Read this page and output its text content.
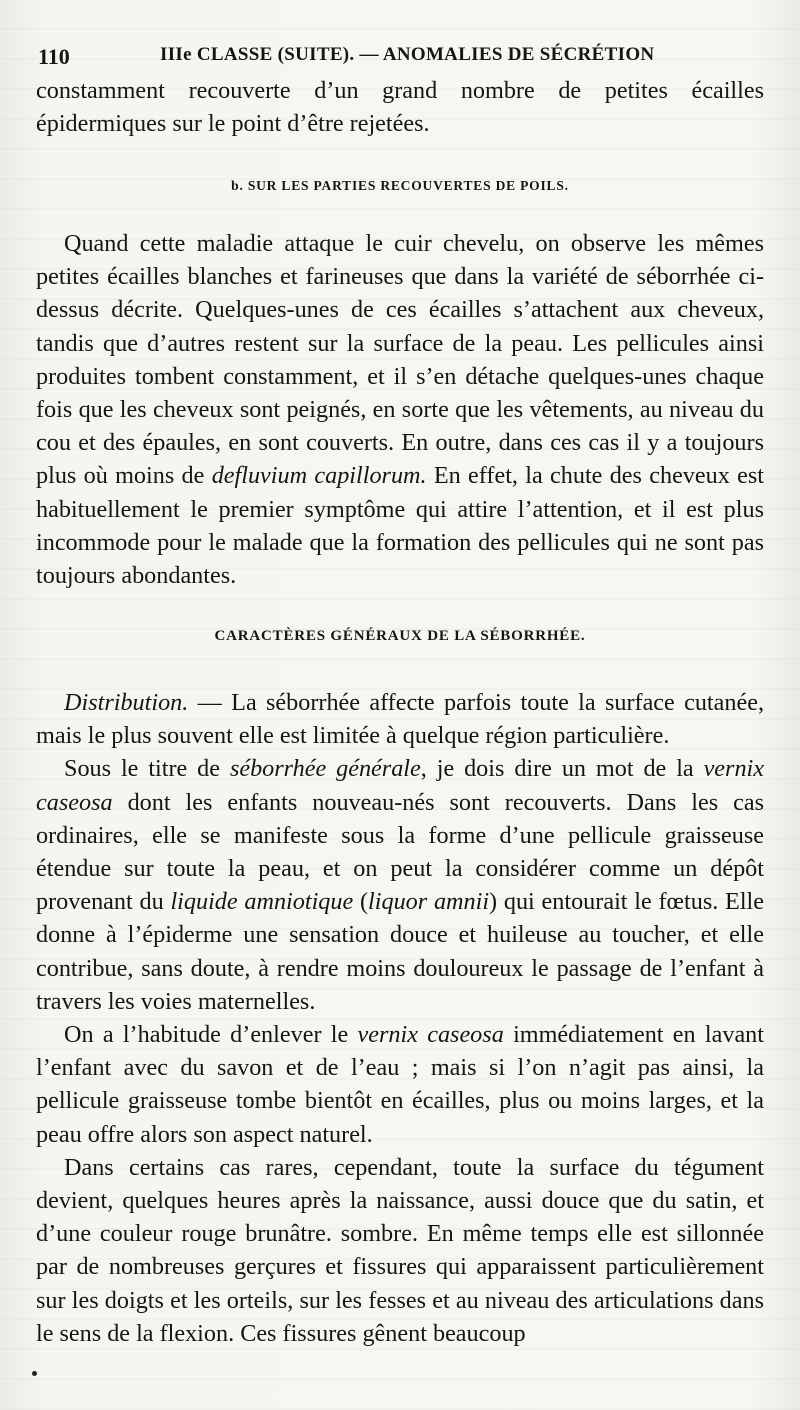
110	IIIe CLASSE (SUITE). — ANOMALIES DE SÉCRÉTION

constamment recouverte d’un grand nombre de petites écailles épidermiques sur le point d’être rejetées.

b. SUR LES PARTIES RECOUVERTES DE POILS.

Quand cette maladie attaque le cuir chevelu, on observe les mêmes petites écailles blanches et farineuses que dans la variété de séborrhée ci-dessus décrite. Quelques-unes de ces écailles s’attachent aux cheveux, tandis que d’autres restent sur la surface de la peau. Les pellicules ainsi produites tombent constamment, et il s’en détache quelques-unes chaque fois que les cheveux sont peignés, en sorte que les vêtements, au niveau du cou et des épaules, en sont couverts. En outre, dans ces cas il y a toujours plus où moins de defluvium capillorum. En effet, la chute des cheveux est habituellement le premier symptôme qui attire l’attention, et il est plus incommode pour le malade que la formation des pellicules qui ne sont pas toujours abondantes.

CARACTÈRES GÉNÉRAUX DE LA SÉBORRHÉE.

Distribution. — La séborrhée affecte parfois toute la surface cutanée, mais le plus souvent elle est limitée à quelque région particulière.

Sous le titre de séborrhée générale, je dois dire un mot de la vernix caseosa dont les enfants nouveau-nés sont recouverts. Dans les cas ordinaires, elle se manifeste sous la forme d’une pellicule graisseuse étendue sur toute la peau, et on peut la considérer comme un dépôt provenant du liquide amniotique (liquor amnii) qui entourait le fœtus. Elle donne à l’épiderme une sensation douce et huileuse au toucher, et elle contribue, sans doute, à rendre moins douloureux le passage de l’enfant à travers les voies maternelles.

On a l’habitude d’enlever le vernix caseosa immédiatement en lavant l’enfant avec du savon et de l’eau ; mais si l’on n’agit pas ainsi, la pellicule graisseuse tombe bientôt en écailles, plus ou moins larges, et la peau offre alors son aspect naturel.

Dans certains cas rares, cependant, toute la surface du tégument devient, quelques heures après la naissance, aussi douce que du satin, et d’une couleur rouge brunâtre. sombre. En même temps elle est sillonnée par de nombreuses gerçures et fissures qui apparaissent particulièrement sur les doigts et les orteils, sur les fesses et au niveau des articulations dans le sens de la flexion. Ces fissures gênent beaucoup
